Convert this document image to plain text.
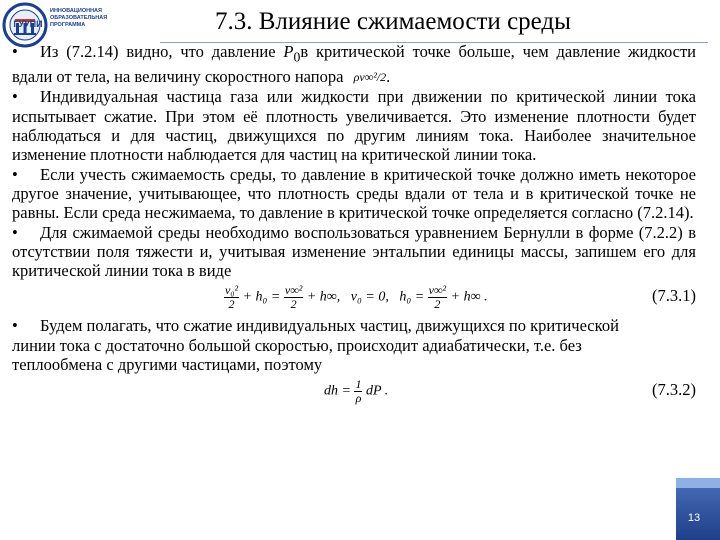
ГУУПИ
ИННОВАЦИОННАЯ
ОБРАЗОВАТЕЛЬНАЯ
ПРОГРАММА	7.3. Влияние сжимаемости среды

• Из (7.2.14) видно, что давление $P_0в$ критической точке больше, чем давление жидкости вдали от тела, на величину скоростного напора ρv∞²/2.

• Индивидуальная частица газа или жидкости при движении по критической линии тока испытывает сжатие. При этом её плотность увеличивается. Это изменение плотности будет наблюдаться и для частиц, движущихся по другим линиям тока. Наиболее значительное изменение плотности наблюдается для частиц на критической линии тока.

• Если учесть сжимаемость среды, то давление в критической точке должно иметь некоторое другое значение, учитывающее, что плотность среды вдали от тела и в критической точке не равны. Если среда несжимаема, то давление в критической точке определяется согласно (7.2.14).

• Для сжимаемой среды необходимо воспользоваться уравнением Бернулли в форме (7.2.2) в отсутствии поля тяжести и, учитывая изменение энтальпии единицы массы, запишем его для критической линии тока в виде

$\frac{\text{v₀²}}{2} + h_0 = \frac{\text{v∞²}}{2} + h\infty$, v₀ = 0, $h_0 = \frac{\text{v∞²}}{2} + h\infty$ .	(7.3.1)

• Будем полагать, что сжатие индивидуальных частиц, движущихся по критической линии тока с достаточно большой скоростью, происходит адиабатически, т.е. без теплообмена с другими частицами, поэтому

dh = $\frac{1}{\rho}$ dP .	(7.3.2)
13
